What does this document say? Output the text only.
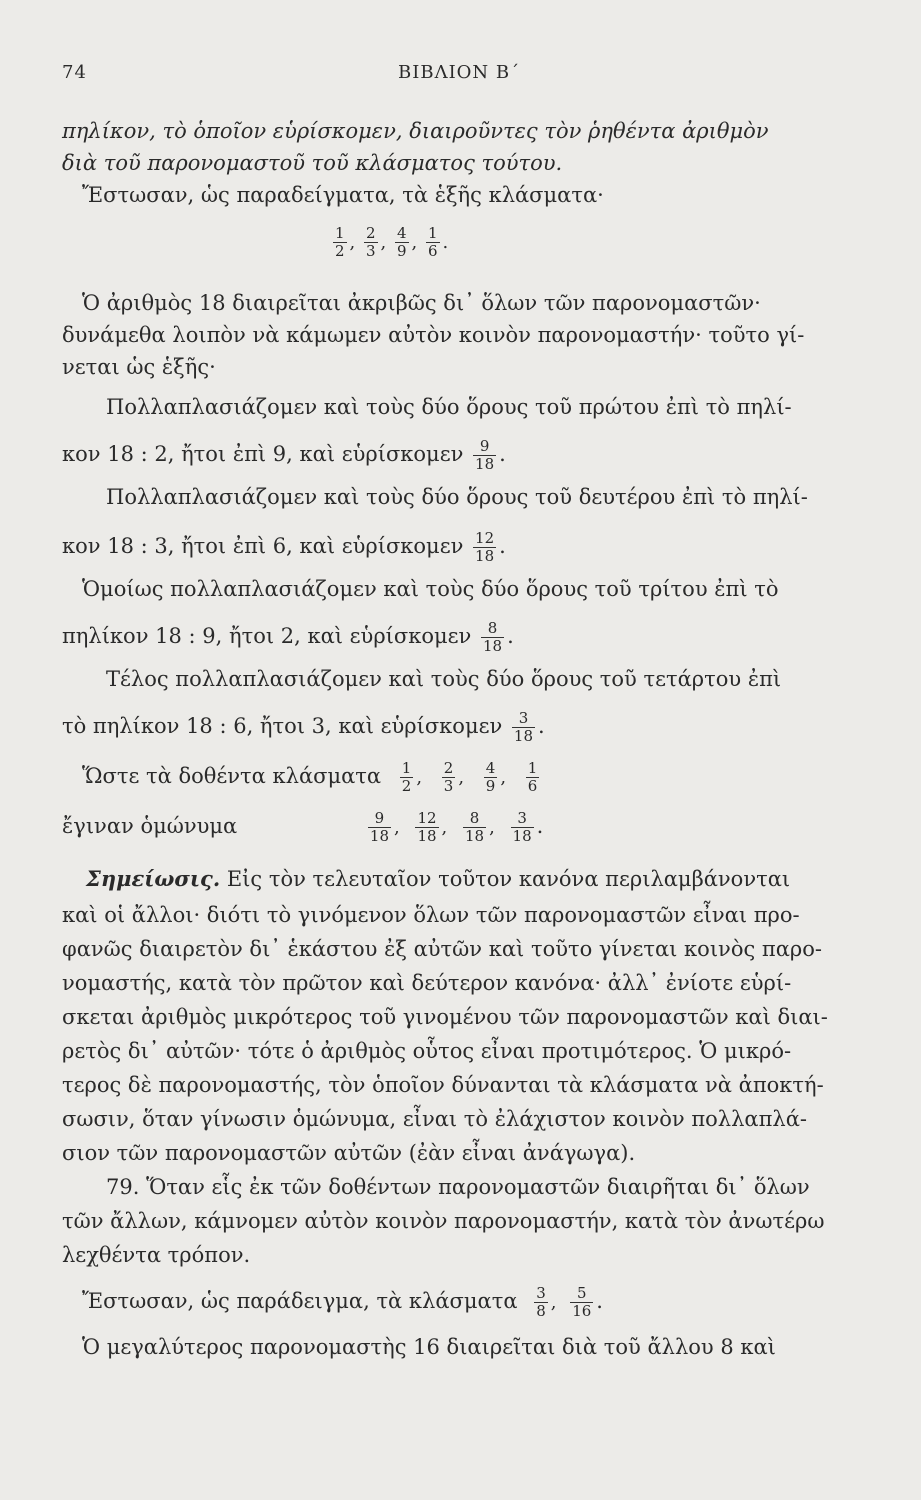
74	ΒΙΒΛΙΟΝ Β΄
πηλίκον, τὸ ὁποῖον εὑρίσκομεν, διαιροῦντες τὸν ῥηθέντα ἀριθμὸν
διὰ τοῦ παρονομαστοῦ τοῦ κλάσματος τούτου.
Ἔστωσαν, ὡς παραδείγματα, τὰ ἑξῆς κλάσματα·
$\frac{1}{2}$ , $\frac{2}{3}$ , $\frac{4}{9}$ , $\frac{1}{6}$ .
Ὁ ἀριθμὸς 18 διαιρεῖται ἀκριβῶς δι᾽ ὅλων τῶν παρονομαστῶν·
δυνάμεθα λοιπὸν νὰ κάμωμεν αὐτὸν κοινὸν παρονομαστήν· τοῦτο γί-
νεται ὡς ἑξῆς·
Πολλαπλασιάζομεν καὶ τοὺς δύο ὅρους τοῦ πρώτου ἐπὶ τὸ πηλί-
κον 18 : 2, ἤτοι ἐπὶ 9, καὶ εὑρίσκομεν $\frac{9}{18}$ .
Πολλαπλασιάζομεν καὶ τοὺς δύο ὅρους τοῦ δευτέρου ἐπὶ τὸ πηλί-
κον 18 : 3, ἤτοι ἐπὶ 6, καὶ εὑρίσκομεν $\frac{12}{18}$ .
Ὁμοίως πολλαπλασιάζομεν καὶ τοὺς δύο ὅρους τοῦ τρίτου ἐπὶ τὸ
πηλίκον 18 : 9, ἤτοι 2, καὶ εὑρίσκομεν $\frac{8}{18}$ .
Τέλος πολλαπλασιάζομεν καὶ τοὺς δύο ὅρους τοῦ τετάρτου ἐπὶ
τὸ πηλίκον 18 : 6, ἤτοι 3, καὶ εὑρίσκομεν $\frac{3}{18}$ .
Ὥστε τὰ δοθέντα κλάσματα $\frac{1}{2}$ , $\frac{2}{3}$ , $\frac{4}{9}$ , $\frac{1}{6}$
ἔγιναν ὁμώνυμα	$\frac{9}{18}$ , $\frac{12}{18}$ , $\frac{8}{18}$ , $\frac{3}{18}$ .
Σημείωσις. Εἰς τὸν τελευταῖον τοῦτον κανόνα περιλαμβάνονται
καὶ οἱ ἄλλοι· διότι τὸ γινόμενον ὅλων τῶν παρονομαστῶν εἶναι προ-
φανῶς διαιρετὸν δι᾽ ἑκάστου ἐξ αὐτῶν καὶ τοῦτο γίνεται κοινὸς παρο-
νομαστής, κατὰ τὸν πρῶτον καὶ δεύτερον κανόνα· ἀλλ᾽ ἐνίοτε εὑρί-
σκεται ἀριθμὸς μικρότερος τοῦ γινομένου τῶν παρονομαστῶν καὶ διαι-
ρετὸς δι᾽ αὐτῶν· τότε ὁ ἀριθμὸς οὗτος εἶναι προτιμότερος. Ὁ μικρό-
τερος δὲ παρονομαστής, τὸν ὁποῖον δύνανται τὰ κλάσματα νὰ ἀποκτή-
σωσιν, ὅταν γίνωσιν ὁμώνυμα, εἶναι τὸ ἐλάχιστον κοινὸν πολλαπλά-
σιον τῶν παρονομαστῶν αὐτῶν (ἐὰν εἶναι ἀνάγωγα).
79. Ὅταν εἷς ἐκ τῶν δοθέντων παρονομαστῶν διαιρῆται δι᾽ ὅλων
τῶν ἄλλων, κάμνομεν αὐτὸν κοινὸν παρονομαστήν, κατὰ τὸν ἀνωτέρω
λεχθέντα τρόπον.
Ἔστωσαν, ὡς παράδειγμα, τὰ κλάσματα $\frac{3}{8}$ , $\frac{5}{16}$ .
Ὁ μεγαλύτερος παρονομαστὴς 16 διαιρεῖται διὰ τοῦ ἄλλου 8 καὶ
